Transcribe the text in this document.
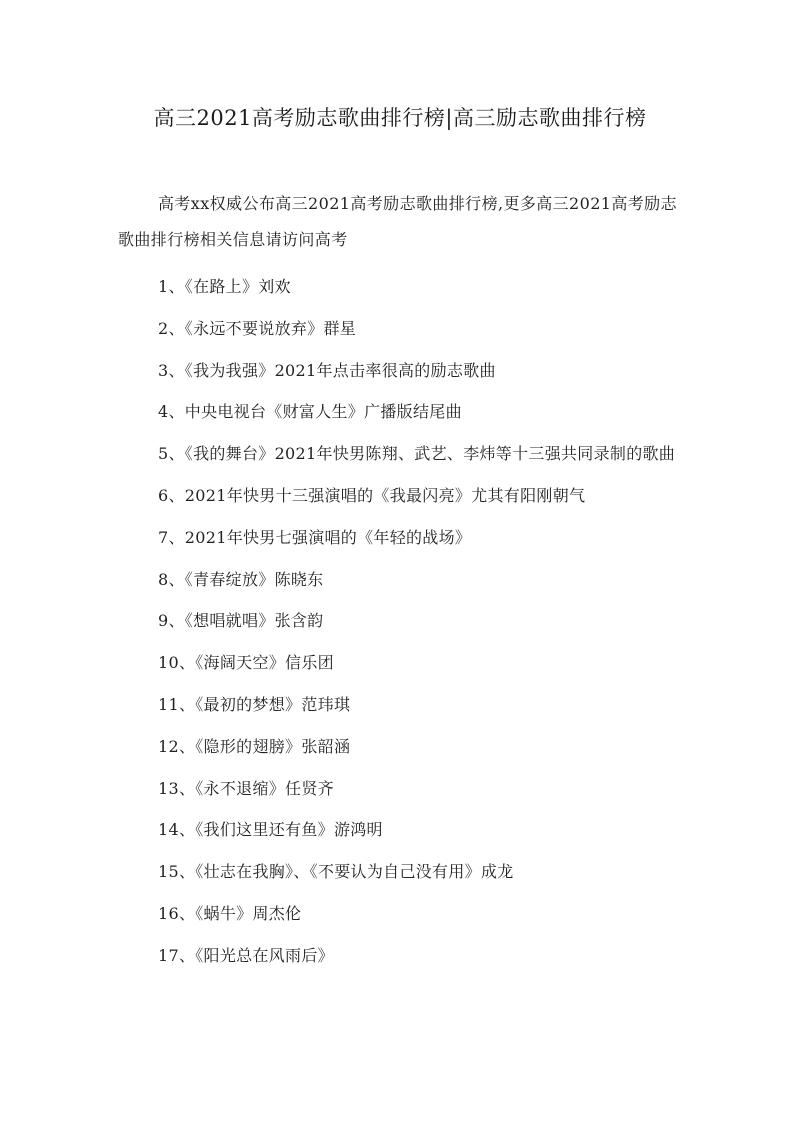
高三2021高考励志歌曲排行榜|高三励志歌曲排行榜

高考xx权威公布高三2021高考励志歌曲排行榜,更多高三2021高考励志歌曲排行榜相关信息请访问高考

1、《在路上》刘欢
2、《永远不要说放弃》群星
3、《我为我强》2021年点击率很高的励志歌曲
4、中央电视台《财富人生》广播版结尾曲
5、《我的舞台》2021年快男陈翔、武艺、李炜等十三强共同录制的歌曲
6、2021年快男十三强演唱的《我最闪亮》尤其有阳刚朝气
7、2021年快男七强演唱的《年轻的战场》
8、《青春绽放》陈晓东
9、《想唱就唱》张含韵
10、《海阔天空》信乐团
11、《最初的梦想》范玮琪
12、《隐形的翅膀》张韶涵
13、《永不退缩》任贤齐
14、《我们这里还有鱼》游鸿明
15、《壮志在我胸》、《不要认为自己没有用》成龙
16、《蜗牛》周杰伦
17、《阳光总在风雨后》
